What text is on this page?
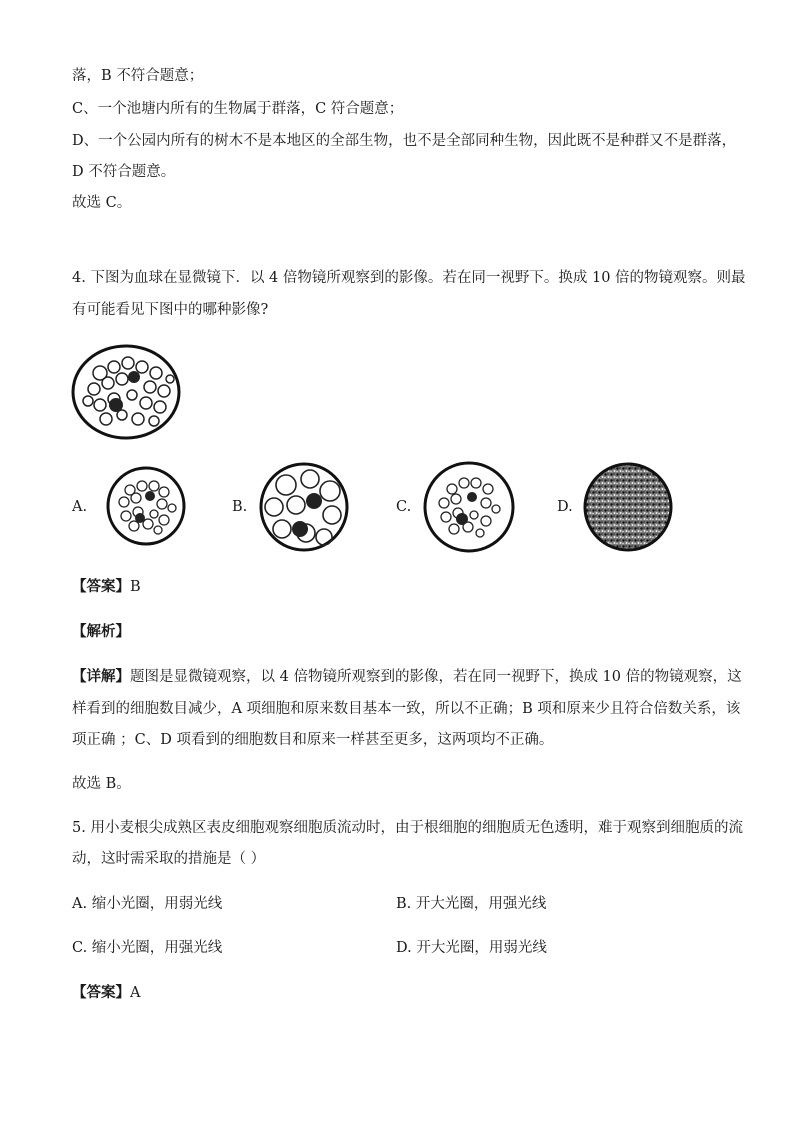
落，B 不符合题意；
C、一个池塘内所有的生物属于群落，C 符合题意；
D、一个公园内所有的树木不是本地区的全部生物，也不是全部同种生物，因此既不是种群又不是群落，
D 不符合题意。
故选 C。
4. 下图为血球在显微镜下．以 4 倍物镜所观察到的影像。若在同一视野下。换成 10 倍的物镜观察。则最
有可能看见下图中的哪种影像?
A.	B.	C.	D.
【答案】B
【解析】
【详解】题图是显微镜观察，以 4 倍物镜所观察到的影像，若在同一视野下，换成 10 倍的物镜观察，这
样看到的细胞数目减少，A 项细胞和原来数目基本一致，所以不正确；B 项和原来少且符合倍数关系，该
项正确 ；C、D 项看到的细胞数目和原来一样甚至更多，这两项均不正确。
故选 B。
5. 用小麦根尖成熟区表皮细胞观察细胞质流动时，由于根细胞的细胞质无色透明，难于观察到细胞质的流
动，这时需采取的措施是（ ）
A. 缩小光圈，用弱光线	B. 开大光圈，用强光线
C. 缩小光圈，用强光线	D. 开大光圈，用弱光线
【答案】A
